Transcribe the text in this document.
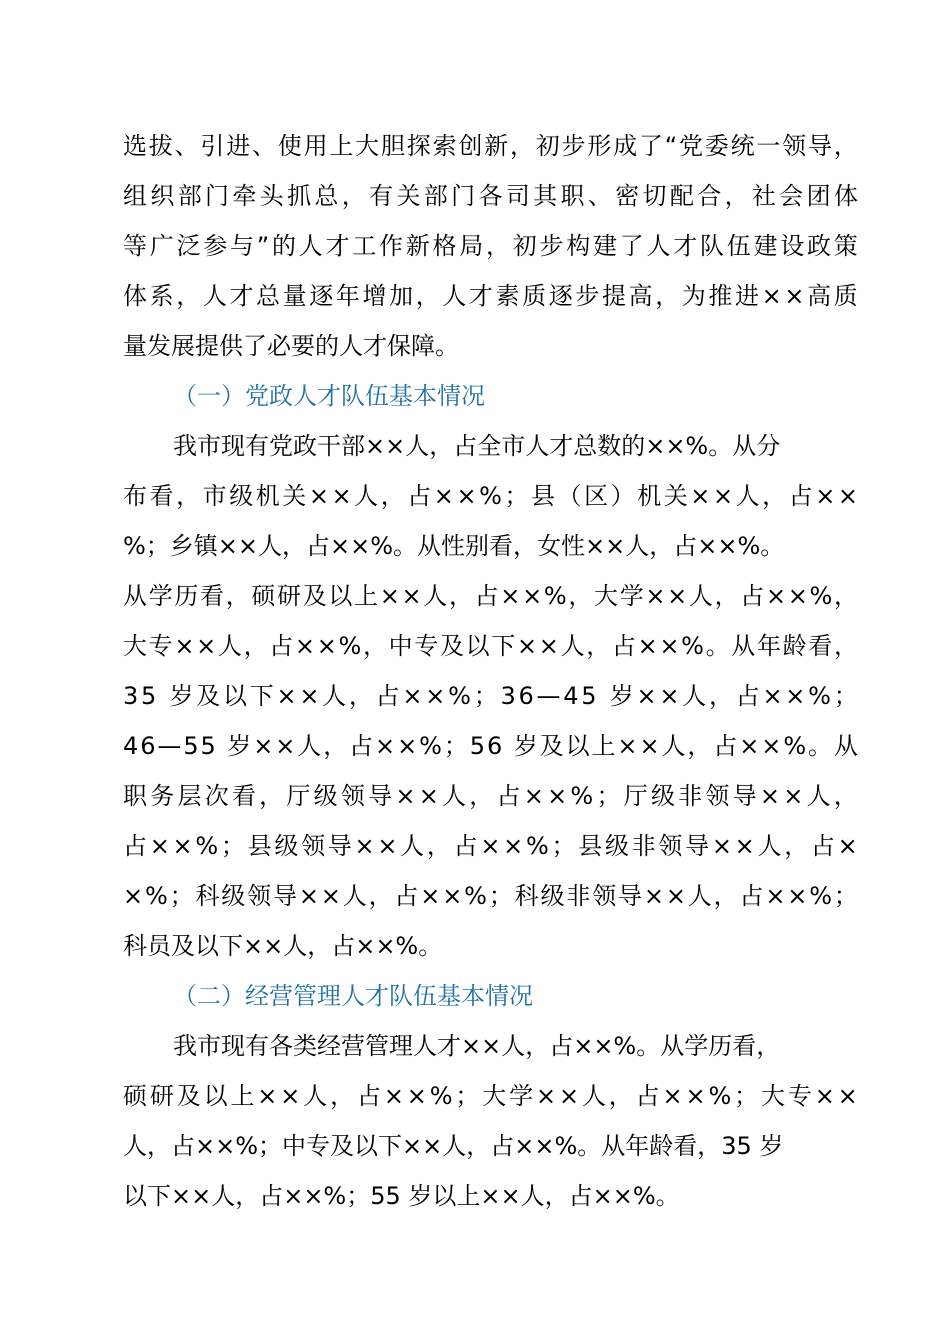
选 拔 、 引 进 、 使 用 上 大 胆 探 索 创 新 ， 初 步 形 成 了 “ 党 委 统 一 领 导 ，
组 织 部 门 牵 头 抓 总 ， 有 关 部 门 各 司 其 职 、 密 切 配 合 ， 社 会 团 体
等 广 泛 参 与 ” 的 人 才 工 作 新 格 局 ， 初 步 构 建 了 人 才 队 伍 建 设 政 策
体 系 ， 人 才 总 量 逐 年 增 加 ， 人 才 素 质 逐 步 提 高 ， 为 推 进 × × 高 质
量发展提供了必要的人才保障。
（一）党政人才队伍基本情况
我市现有党政干部××人，占全市人才总数的××%。从分
布 看 ， 市 级 机 关 × × 人 ， 占 × × % ； 县 （ 区 ） 机 关 × × 人 ， 占 × ×
%；乡镇××人，占××%。从性别看，女性××人，占××%。
从 学 历 看 ， 硕 研 及 以 上 × × 人 ， 占 × × % ， 大 学 × × 人 ， 占 × × % ，
大 专 × × 人 ， 占 × × % ， 中 专 及 以 下 × × 人 ， 占 × × % 。 从 年 龄 看 ，
3 5
岁 及 以 下 × × 人 ， 占 × × % ； 3 6 — 4 5
岁 × × 人 ， 占 × × % ；
4 6 — 5 5
岁 × × 人 ， 占 × × % ； 5 6
岁 及 以 上 × × 人 ， 占 × × % 。 从
职 务 层 次 看 ， 厅 级 领 导 × × 人 ， 占 × × % ； 厅 级 非 领 导 × × 人 ，
占 × × % ； 县 级 领 导 × × 人 ， 占 × × % ； 县 级 非 领 导 × × 人 ， 占 ×
× % ； 科 级 领 导 × × 人 ， 占 × × % ； 科 级 非 领 导 × × 人 ， 占 × × % ；
科员及以下××人，占××%。
（二）经营管理人才队伍基本情况
我市现有各类经营管理人才××人，占××%。从学历看，
硕 研 及 以 上 × × 人 ， 占 × × % ； 大 学 × × 人 ， 占 × × % ； 大 专 × ×
人，占××%；中专及以下××人，占××%。从年龄看，35 岁
以下××人，占××%；55 岁以上××人，占××%。
